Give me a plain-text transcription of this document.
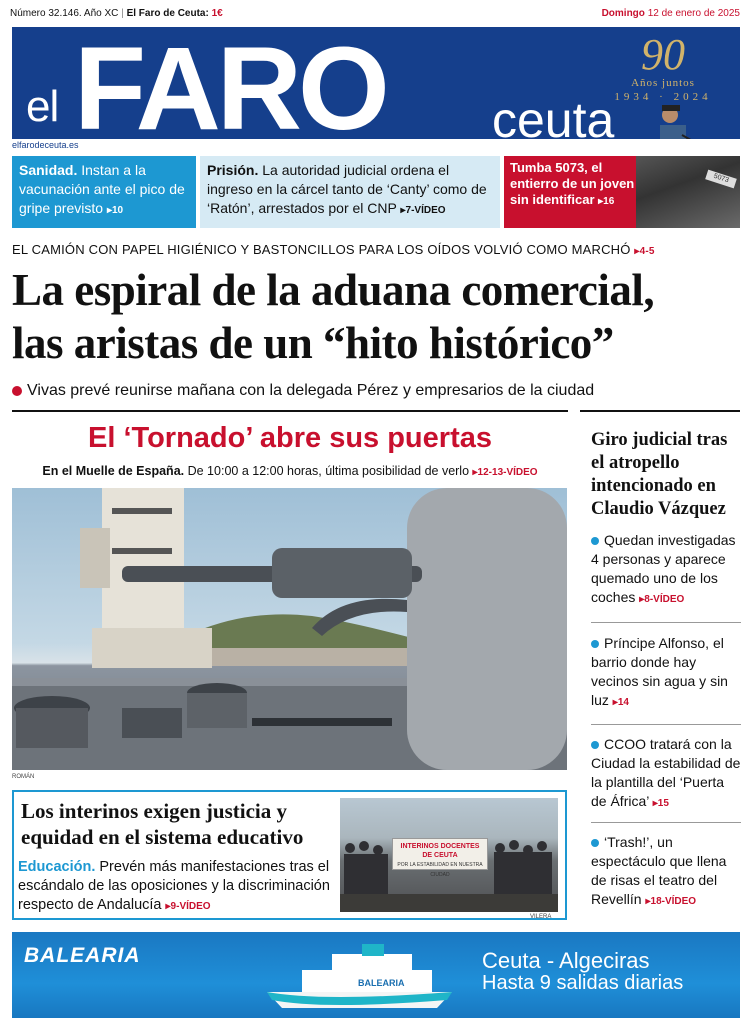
Número 32.146. Año XC | El Faro de Ceuta: 1€	Domingo 12 de enero de 2025
el FARO ceuta
90
Años juntos
1934 · 2024
elfarodeceuta.es
Sanidad. Instan a la vacunación ante el pico de gripe previsto ▸10
Prisión. La autoridad judicial ordena el ingreso en la cárcel tanto de ‘Canty’ como de ‘Ratón’, arrestados por el CNP ▸7-VÍDEO
Tumba 5073, el entierro de un joven sin identificar ▸16
5073
EL CAMIÓN CON PAPEL HIGIÉNICO Y BASTONCILLOS PARA LOS OÍDOS VOLVIÓ COMO MARCHÓ ▸4-5
La espiral de la aduana comercial,
las aristas de un “hito histórico”
Vivas prevé reunirse mañana con la delegada Pérez y empresarios de la ciudad
El ‘Tornado’ abre sus puertas
En el Muelle de España. De 10:00 a 12:00 horas, última posibilidad de verlo ▸12-13-VÍDEO
ROMÁN
Giro judicial tras el atropello intencionado en Claudio Vázquez
Quedan investigadas 4 personas y aparece quemado uno de los coches ▸8-VÍDEO
Príncipe Alfonso, el barrio donde hay vecinos sin agua y sin luz ▸14
CCOO tratará con la Ciudad la estabilidad de la plantilla del ‘Puerta de África’ ▸15
‘Trash!’, un espectáculo que llena de risas el teatro del Revellín ▸18-VÍDEO
Los interinos exigen justicia y equidad en el sistema educativo
Educación. Prevén más manifestaciones tras el escándalo de las oposiciones y la discriminación respecto de Andalucía ▸9-VÍDEO
INTERINOS DOCENTES
DE CEUTA
POR LA ESTABILIDAD EN NUESTRA CIUDAD
VILERA
BALEARIA
BALEARIA
Ceuta - Algeciras
Hasta 9 salidas diarias
